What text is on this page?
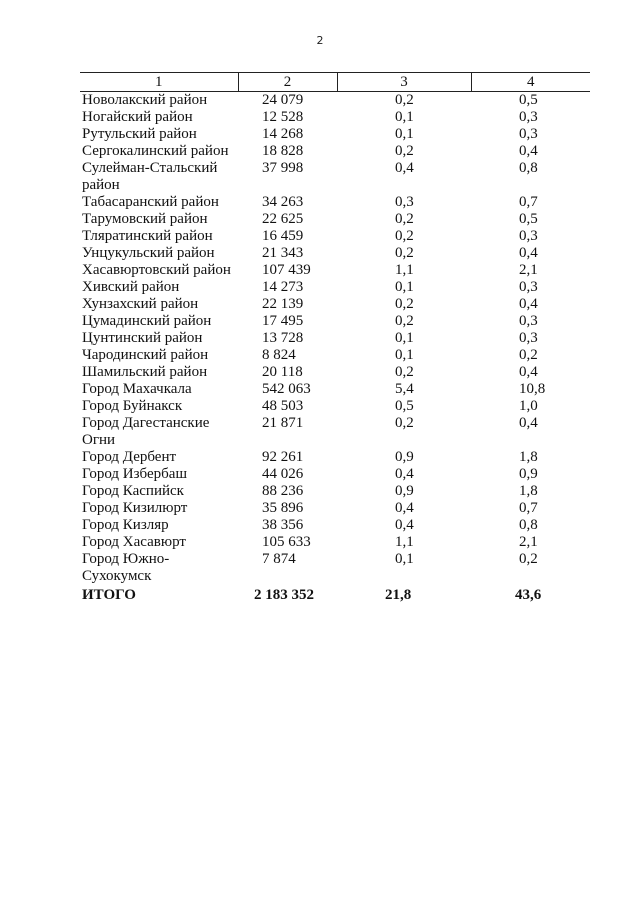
2
1	2	3	4
Новолакский район	24 079	0,2	0,5
Ногайский район	12 528	0,1	0,3
Рутульский район	14 268	0,1	0,3
Сергокалинский район	18 828	0,2	0,4
Сулейман-Стальский район	37 998	0,4	0,8
Табасаранский район	34 263	0,3	0,7
Тарумовский район	22 625	0,2	0,5
Тляратинский район	16 459	0,2	0,3
Унцукульский район	21 343	0,2	0,4
Хасавюртовский район	107 439	1,1	2,1
Хивский район	14 273	0,1	0,3
Хунзахский район	22 139	0,2	0,4
Цумадинский район	17 495	0,2	0,3
Цунтинский район	13 728	0,1	0,3
Чародинский район	8 824	0,1	0,2
Шамильский район	20 118	0,2	0,4
Город Махачкала	542 063	5,4	10,8
Город Буйнакск	48 503	0,5	1,0
Город Дагестанские Огни	21 871	0,2	0,4
Город Дербент	92 261	0,9	1,8
Город Избербаш	44 026	0,4	0,9
Город Каспийск	88 236	0,9	1,8
Город Кизилюрт	35 896	0,4	0,7
Город Кизляр	38 356	0,4	0,8
Город Хасавюрт	105 633	1,1	2,1
Город Южно-Сухокумск	7 874	0,1	0,2
ИТОГО	2 183 352	21,8	43,6
